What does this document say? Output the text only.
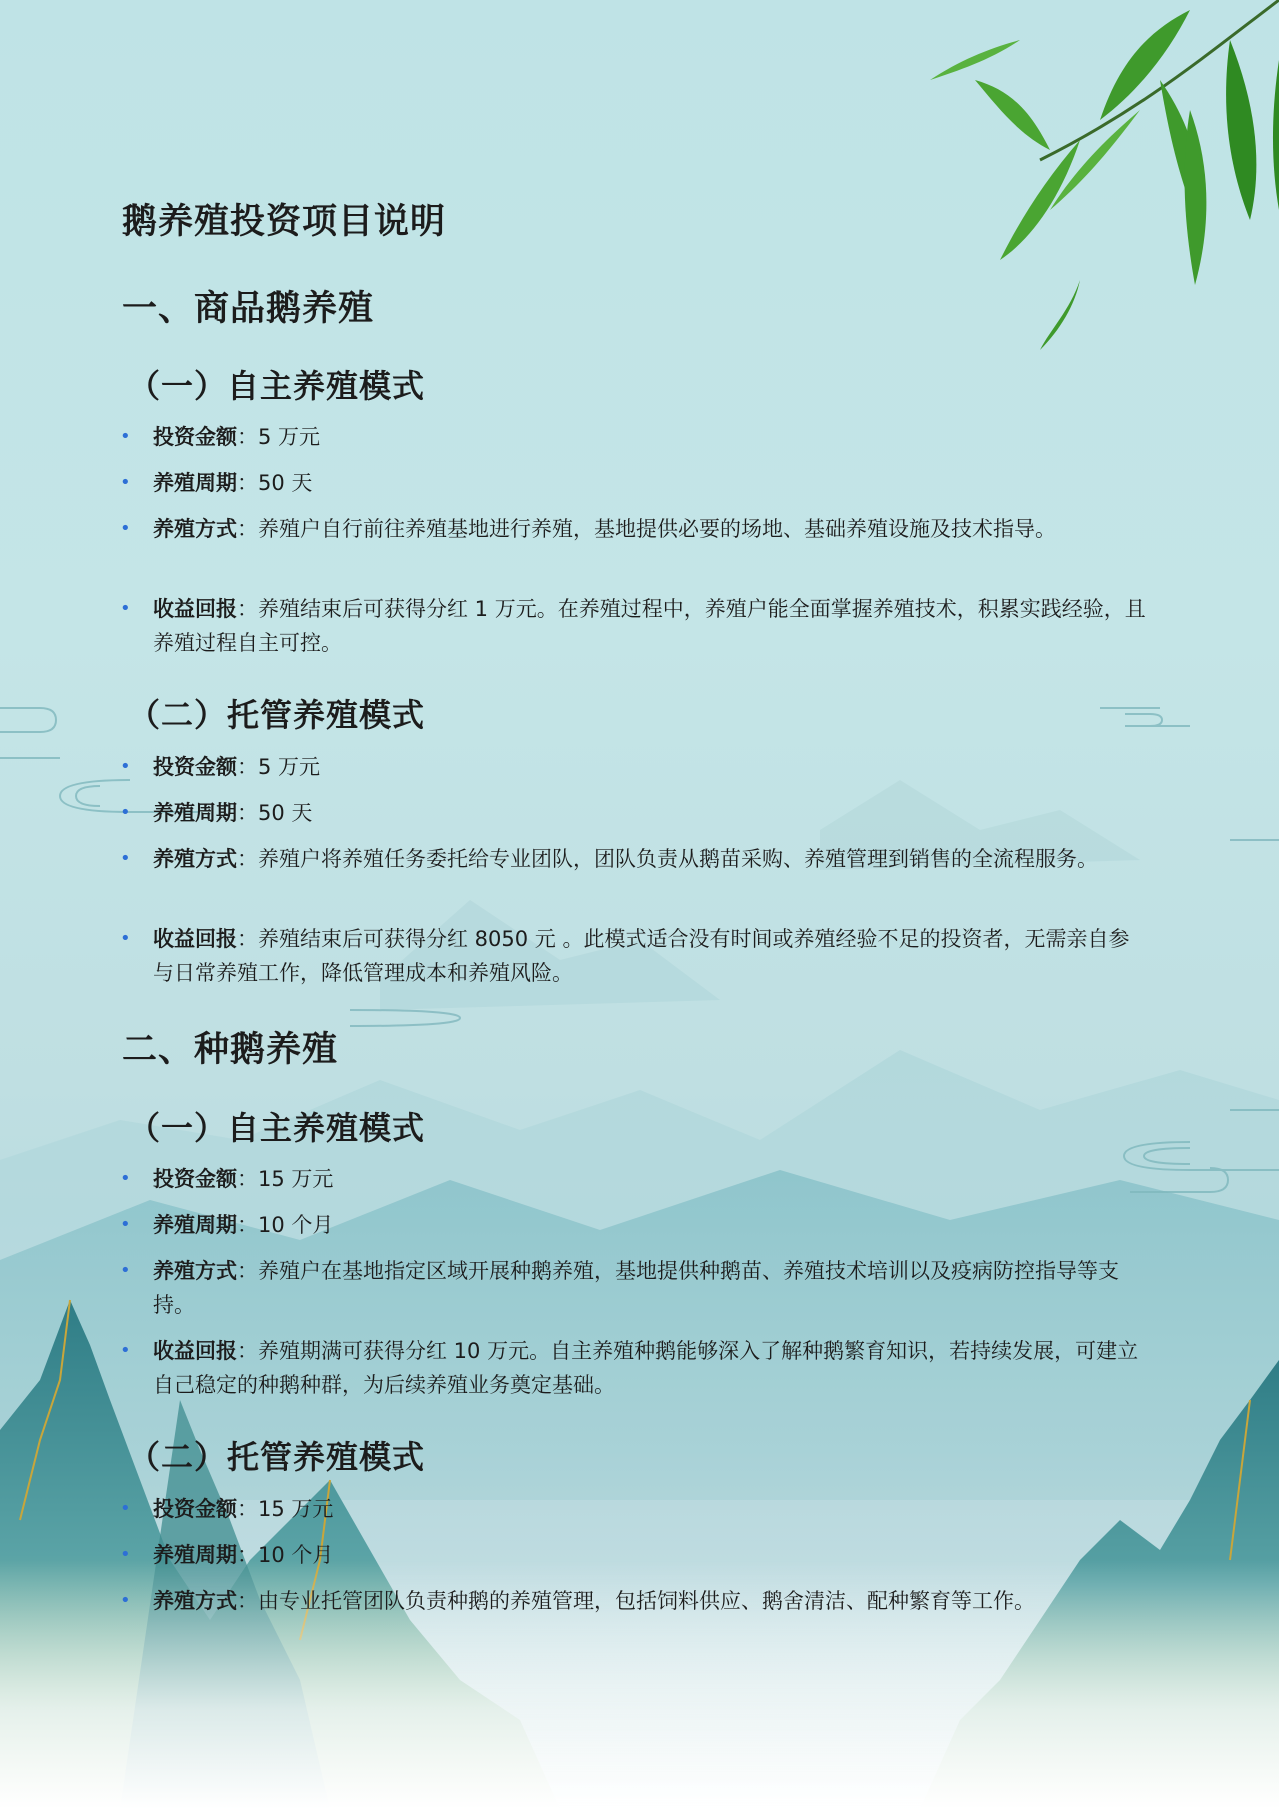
鹅养殖投资项目说明
一、商品鹅养殖
（一）自主养殖模式
•	投资金额：5 万元
•	养殖周期：50 天
•	养殖方式：养殖户自行前往养殖基地进行养殖，基地提供必要的场地、基础养殖设施及技术指导。
•	收益回报：养殖结束后可获得分红 1 万元。在养殖过程中，养殖户能全面掌握养殖技术，积累实践经验，且养殖过程自主可控。
（二）托管养殖模式
•	投资金额：5 万元
•	养殖周期：50 天
•	养殖方式：养殖户将养殖任务委托给专业团队，团队负责从鹅苗采购、养殖管理到销售的全流程服务。
•	收益回报：养殖结束后可获得分红 8050 元 。此模式适合没有时间或养殖经验不足的投资者，无需亲自参与日常养殖工作，降低管理成本和养殖风险。
二、种鹅养殖
（一）自主养殖模式
•	投资金额：15 万元
•	养殖周期：10 个月
•	养殖方式：养殖户在基地指定区域开展种鹅养殖，基地提供种鹅苗、养殖技术培训以及疫病防控指导等支持。
•	收益回报：养殖期满可获得分红 10 万元。自主养殖种鹅能够深入了解种鹅繁育知识，若持续发展，可建立自己稳定的种鹅种群，为后续养殖业务奠定基础。
（二）托管养殖模式
•	投资金额：15 万元
•	养殖周期：10 个月
•	养殖方式：由专业托管团队负责种鹅的养殖管理，包括饲料供应、鹅舍清洁、配种繁育等工作。
